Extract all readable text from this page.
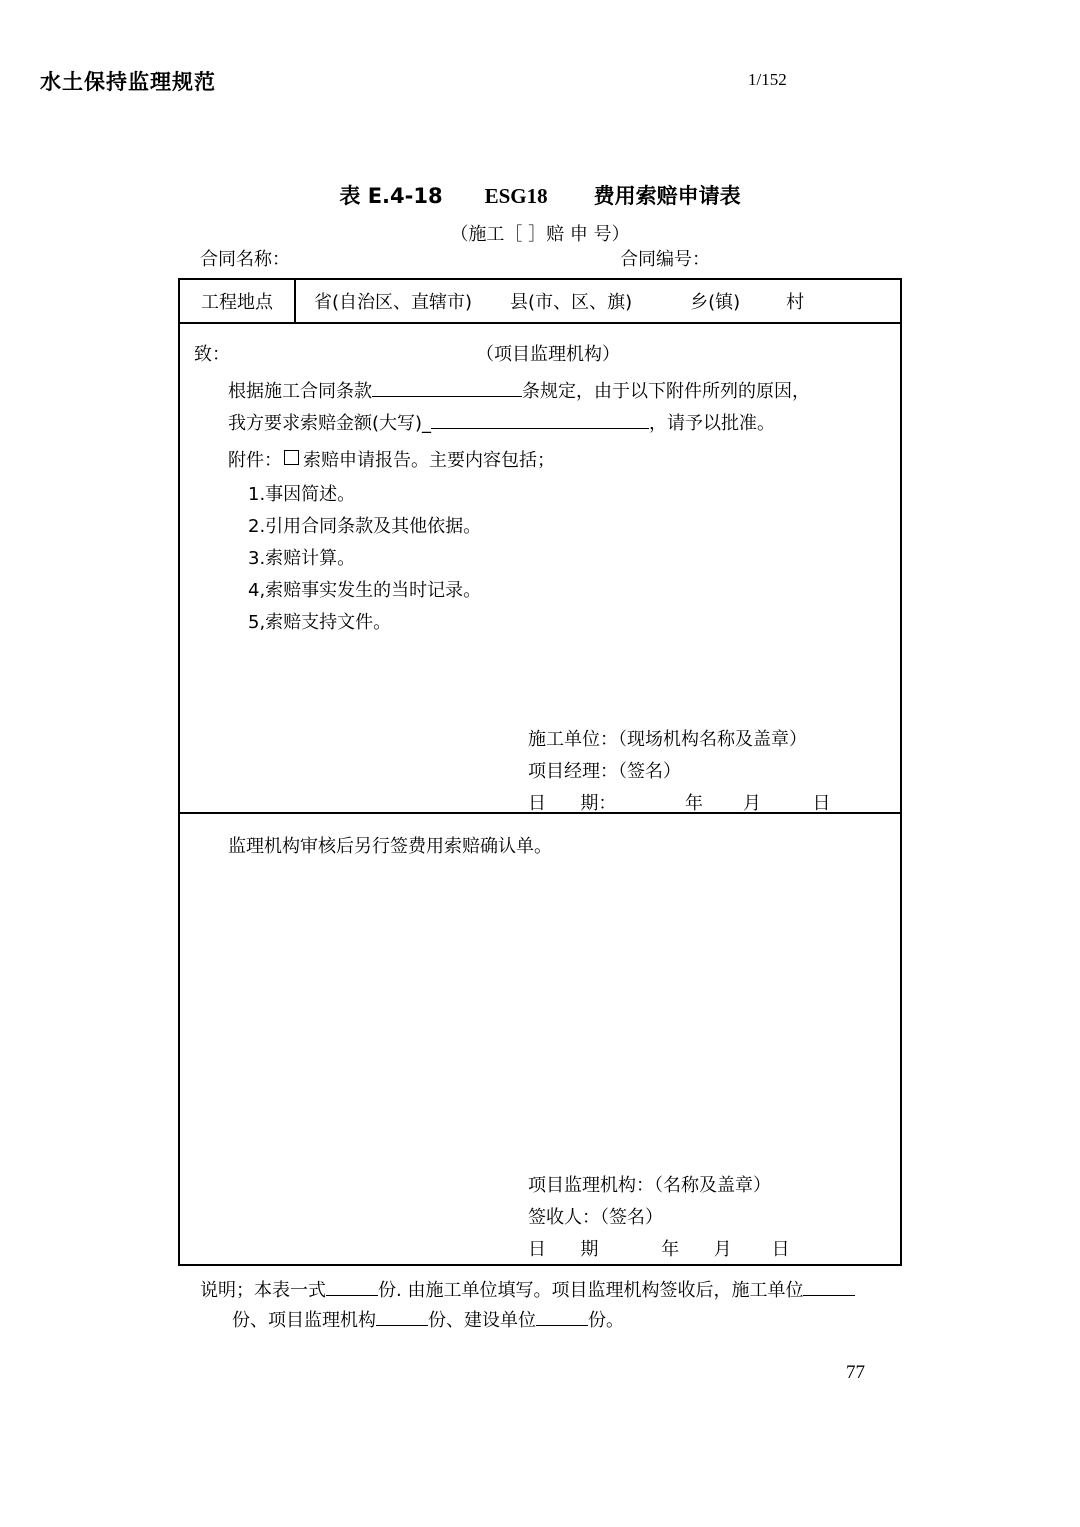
水土保持监理规范	1/152
表 E.4-18 ESG18 费用索赔申请表
（施工［ ］赔 申 号）
合同名称：	合同编号：
工程地点	省(自治区、直辖市) 县(市、区、旗)	乡(镇)	村
致：	（项目监理机构）
根据施工合同条款	条规定，由于以下附件所列的原因，
我方要求索赔金额(大写)_	，请予以批准。
附件： 索赔申请报告。主要内容包括；
1.事因简述。
2.引用合同条款及其他依据。
3.索赔计算。
4,索赔事实发生的当时记录。
5,索赔支持文件。
施工单位：（现场机构名称及盖章）
项目经理：（签名）
日      期：            年       月         日
监理机构审核后另行签费用索赔确认单。
项目监理机构：（名称及盖章）
签收人：（签名）
日      期           年      月       日
说明；本表一式	份. 由施工单位填写。项目监理机构签收后，施工单位
份、项目监理机构	份、建设单位	份。
77
